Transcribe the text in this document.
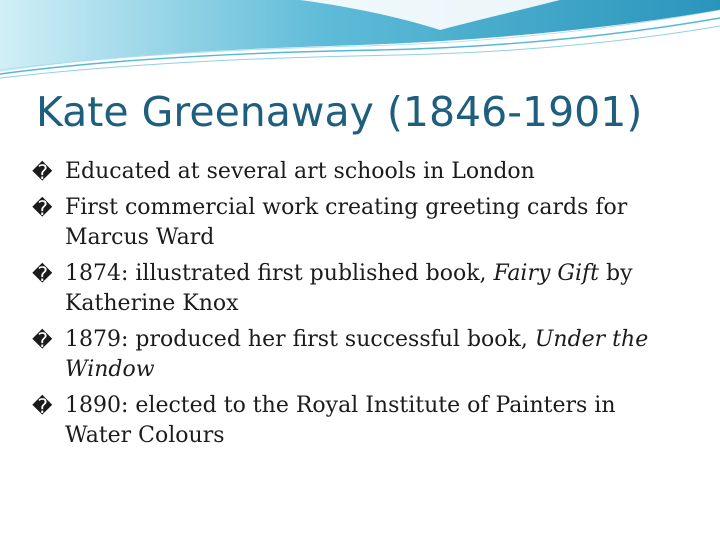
Kate Greenaway (1846-1901)
� Educated at several art schools in London
� First commercial work creating greeting cards for Marcus Ward
� 1874: illustrated first published book, Fairy Gift by Katherine Knox
� 1879: produced her first successful book, Under the Window
� 1890: elected to the Royal Institute of Painters in Water Colours
